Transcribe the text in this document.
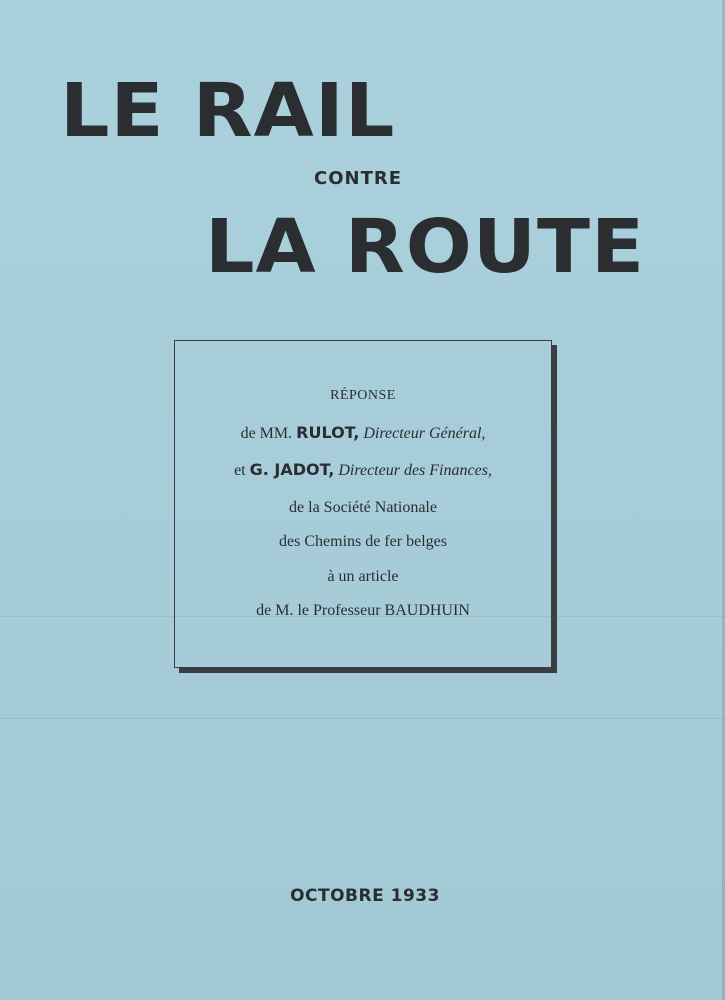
LE RAIL
CONTRE
LA ROUTE
RÉPONSE
de MM. RULOT, Directeur Général,
et G. JADOT, Directeur des Finances,
de la Société Nationale
des Chemins de fer belges
à un article
de M. le Professeur BAUDHUIN
OCTOBRE 1933
